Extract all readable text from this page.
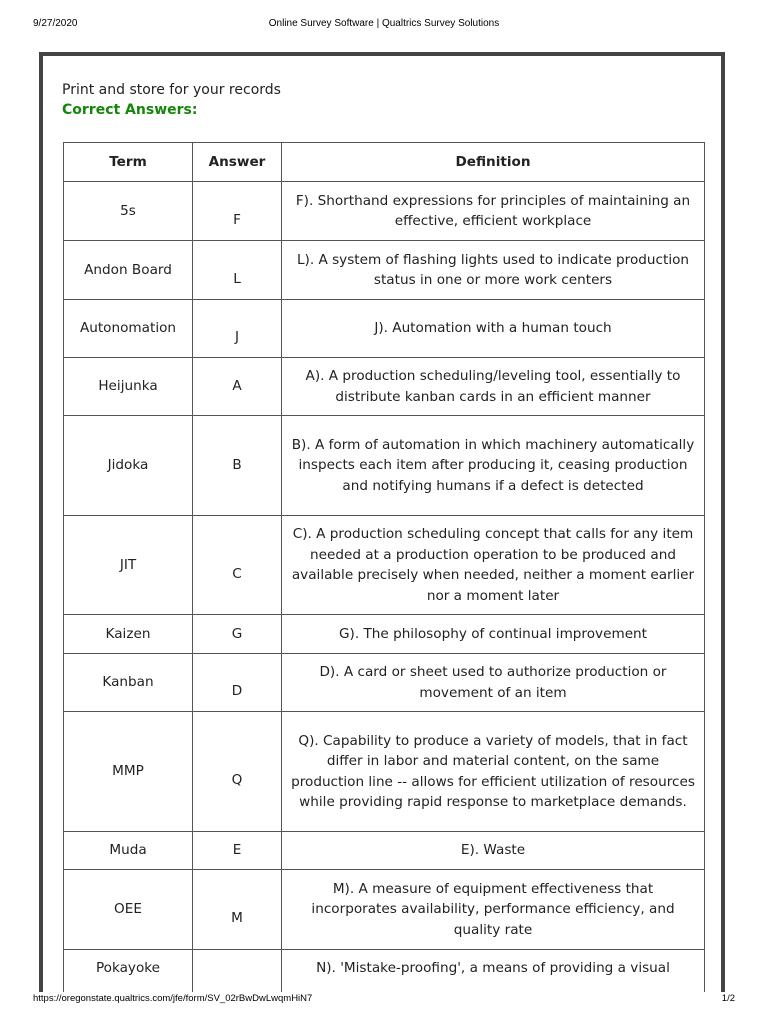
9/27/2020	Online Survey Software | Qualtrics Survey Solutions
Print and store for your records
Correct Answers:
Term	Answer	Definition
5s	F	F). Shorthand expressions for principles of maintaining an effective, efficient workplace
Andon Board	L	L). A system of flashing lights used to indicate production status in one or more work centers
Autonomation	J	J). Automation with a human touch
Heijunka	A	A). A production scheduling/leveling tool, essentially to distribute kanban cards in an efficient manner
Jidoka	B	B). A form of automation in which machinery automatically inspects each item after producing it, ceasing production and notifying humans if a defect is detected
JIT	C	C). A production scheduling concept that calls for any item needed at a production operation to be produced and available precisely when needed, neither a moment earlier nor a moment later
Kaizen	G	G). The philosophy of continual improvement
Kanban	D	D). A card or sheet used to authorize production or movement of an item
MMP	Q	Q). Capability to produce a variety of models, that in fact differ in labor and material content, on the same production line -- allows for efficient utilization of resources while providing rapid response to marketplace demands.
Muda	E	E). Waste
OEE	M	M). A measure of equipment effectiveness that incorporates availability, performance efficiency, and quality rate
Pokayoke		N). 'Mistake-proofing', a means of providing a visual
https://oregonstate.qualtrics.com/jfe/form/SV_02rBwDwLwqmHiN7	1/2
